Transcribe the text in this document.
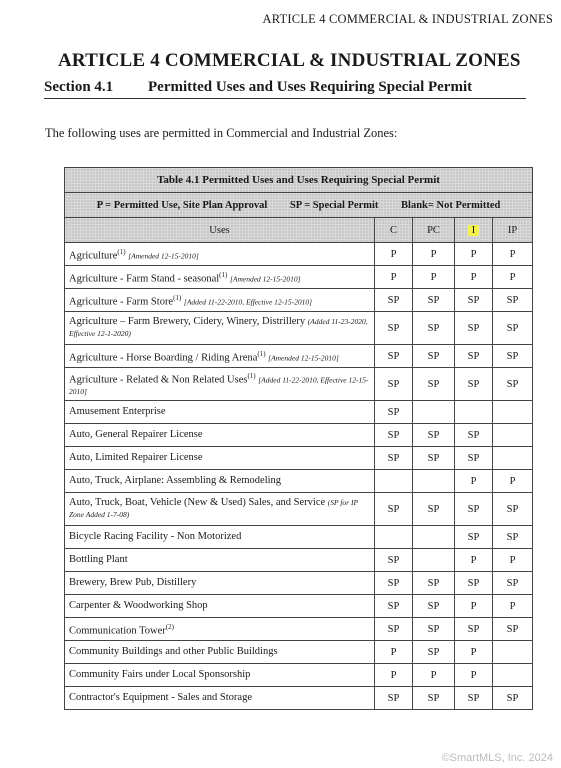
ARTICLE 4 COMMERCIAL & INDUSTRIAL ZONES
ARTICLE 4 COMMERCIAL & INDUSTRIAL ZONES
Section 4.1 Permitted Uses and Uses Requiring Special Permit
The following uses are permitted in Commercial and Industrial Zones:
Table 4.1 Permitted Uses and Uses Requiring Special Permit				
P = Permitted Use, Site Plan Approval SP = Special Permit Blank= Not Permitted				
Uses	C	PC	I	IP
Agriculture$^{(1)}$ [Amended 12-15-2010]	P	P	P	P
Agriculture - Farm Stand - seasonal$^{(1)}$ [Amended 12-15-2010]	P	P	P	P
Agriculture - Farm Store$^{(1)}$ [Added 11-22-2010, Effective 12-15-2010]	SP	SP	SP	SP
Agriculture – Farm Brewery, Cidery, Winery, Distrillery (Added 11-23-2020, Effective 12-1-2020)	SP	SP	SP	SP
Agriculture - Horse Boarding / Riding Arena$^{(1)}$ [Amended 12-15-2010]	SP	SP	SP	SP
Agriculture - Related & Non Related Uses$^{(1)}$ [Added 11-22-2010, Effective 12-15-2010]	SP	SP	SP	SP
Amusement Enterprise	SP			
Auto, General Repairer License	SP	SP	SP	
Auto, Limited Repairer License	SP	SP	SP	
Auto, Truck, Airplane: Assembling & Remodeling			P	P
Auto, Truck, Boat, Vehicle (New & Used) Sales, and Service (SP for IP Zone Added 1-7-08)	SP	SP	SP	SP
Bicycle Racing Facility - Non Motorized			SP	SP
Bottling Plant	SP		P	P
Brewery, Brew Pub, Distillery	SP	SP	SP	SP
Carpenter & Woodworking Shop	SP	SP	P	P
Communication Tower$^{(2)}$	SP	SP	SP	SP
Community Buildings and other Public Buildings	P	SP	P	
Community Fairs under Local Sponsorship	P	P	P	
Contractor's Equipment - Sales and Storage	SP	SP	SP	SP
©SmartMLS, Inc. 2024
